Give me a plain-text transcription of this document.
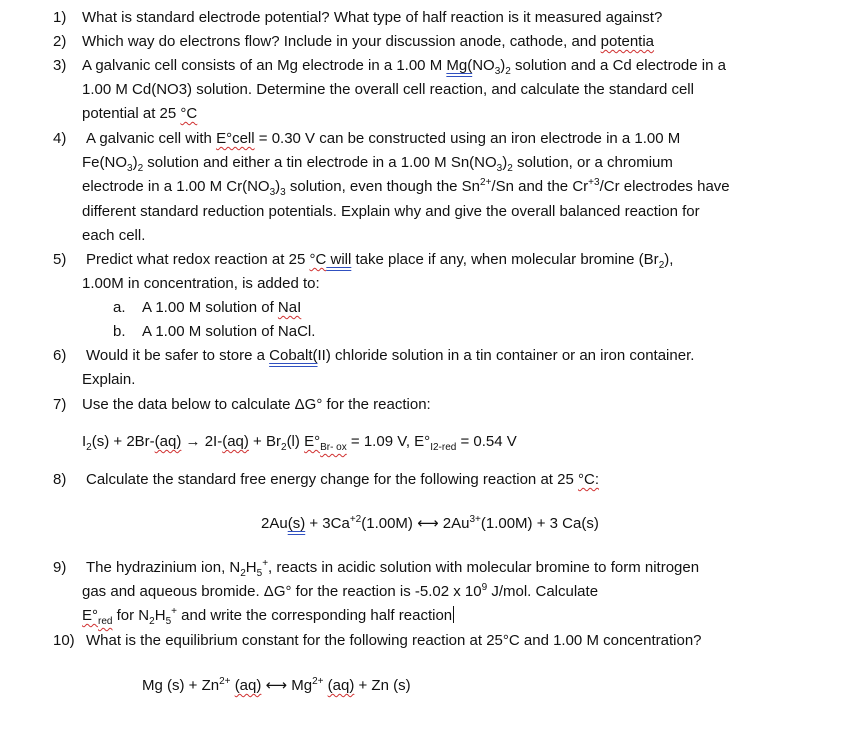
1) What is standard electrode potential? What type of half reaction is it measured against?
2) Which way do electrons flow? Include in your discussion anode, cathode, and potentia
3) A galvanic cell consists of an Mg electrode in a 1.00 M $Mg(NO_3)_2$ solution and a Cd electrode in a
1.00 M Cd(NO3) solution. Determine the overall cell reaction, and calculate the standard cell
potential at 25 °C
4) A galvanic cell with E°cell = 0.30 V can be constructed using an iron electrode in a 1.00 M
$Fe(NO_3)_2$ solution and either a tin electrode in a 1.00 M $Sn(NO_3)_2$ solution, or a chromium
electrode in a 1.00 M $Cr(NO_3)_3$ solution, even though the $Sn^{2+}/Sn$ and the $Cr^{+3}/Cr$ electrodes have
different standard reduction potentials. Explain why and give the overall balanced reaction for
each cell.
5) Predict what redox reaction at 25 °C will take place if any, when molecular bromine $(Br_2)$,
1.00M in concentration, is added to:
a. A 1.00 M solution of NaI
b. A 1.00 M solution of NaCl.
6) Would it be safer to store a Cobalt(II) chloride solution in a tin container or an iron container.
Explain.
7) Use the data below to calculate ΔG° for the reaction:
$I_2(s) + 2Br-(aq) \to 2I-(aq) + Br_2(l) E^\circ_{Br- ox} = 1.09$ V, $E^\circ_{I2-red} = 0.54$ V
8) Calculate the standard free energy change for the following reaction at 25 °C:
$2Au(s) + 3Ca^{+2}(1.00M)$ ⟷ $2Au^{3+}(1.00M) + 3$ Ca(s)
9) The hydrazinium ion, $N_2H_5^+$, reacts in acidic solution with molecular bromine to form nitrogen
gas and aqueous bromide. ΔG° for the reaction is -5.02 x $10^9$ J/mol. Calculate
$E^\circ_{red}$ for $N_2H_5^+$ and write the corresponding half reaction
10) What is the equilibrium constant for the following reaction at 25°C and 1.00 M concentration?
Mg $(s) + Zn^{2+}$ (aq) ⟷ $Mg^{2+}$ (aq) + Zn (s)
